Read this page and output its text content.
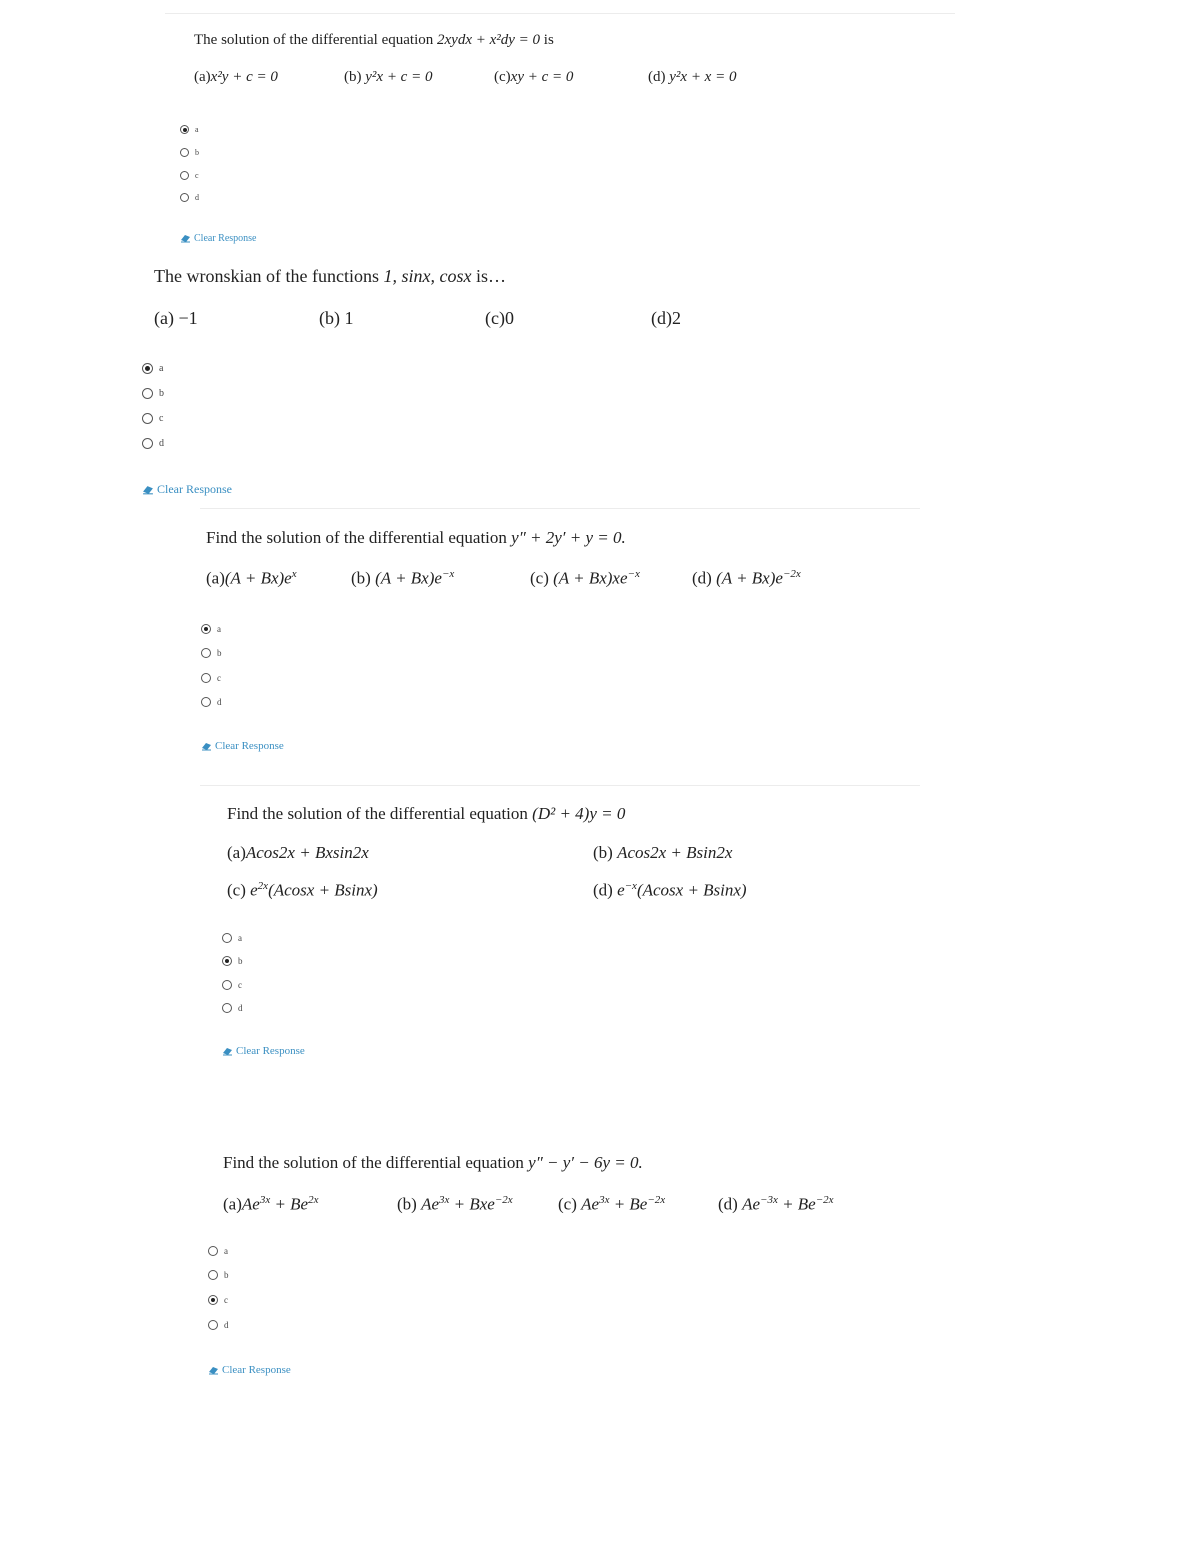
The solution of the differential equation 2xydx + x²dy = 0 is
(a)x²y + c = 0	(b) y²x + c = 0	(c)xy + c = 0	(d) y²x + x = 0
a
b
c
d
Clear Response
The wronskian of the functions 1, sinx, cosx is…
(a) −1	(b) 1	(c)0	(d)2
a
b
c
d
Clear Response
Find the solution of the differential equation y″ + 2y′ + y = 0.
$(a)(A + Bx)e^x$	(b) $(A + Bx)e^{-x}$	(c) $(A + Bx)xe^{-x}$	(d) $(A + Bx)e^{-2x}$
a
b
c
d
Clear Response
Find the solution of the differential equation (D² + 4)y = 0
(a)Acos2x + Bxsin2x	(b) Acos2x + Bsin2x
(c) $e^{2x}(Acosx + Bsinx)$	(d) $e^{-x}(Acosx + Bsinx)$
a
b
c
d
Clear Response
Find the solution of the differential equation y″ − y′ − 6y = 0.
$(a)Ae^{3x} + Be^{2x}$	(b) $Ae^{3x} + Bxe^{-2x}$	(c) $Ae^{3x} + Be^{-2x}$	(d) $Ae^{-3x} + Be^{-2x}$
a
b
c
d
Clear Response
